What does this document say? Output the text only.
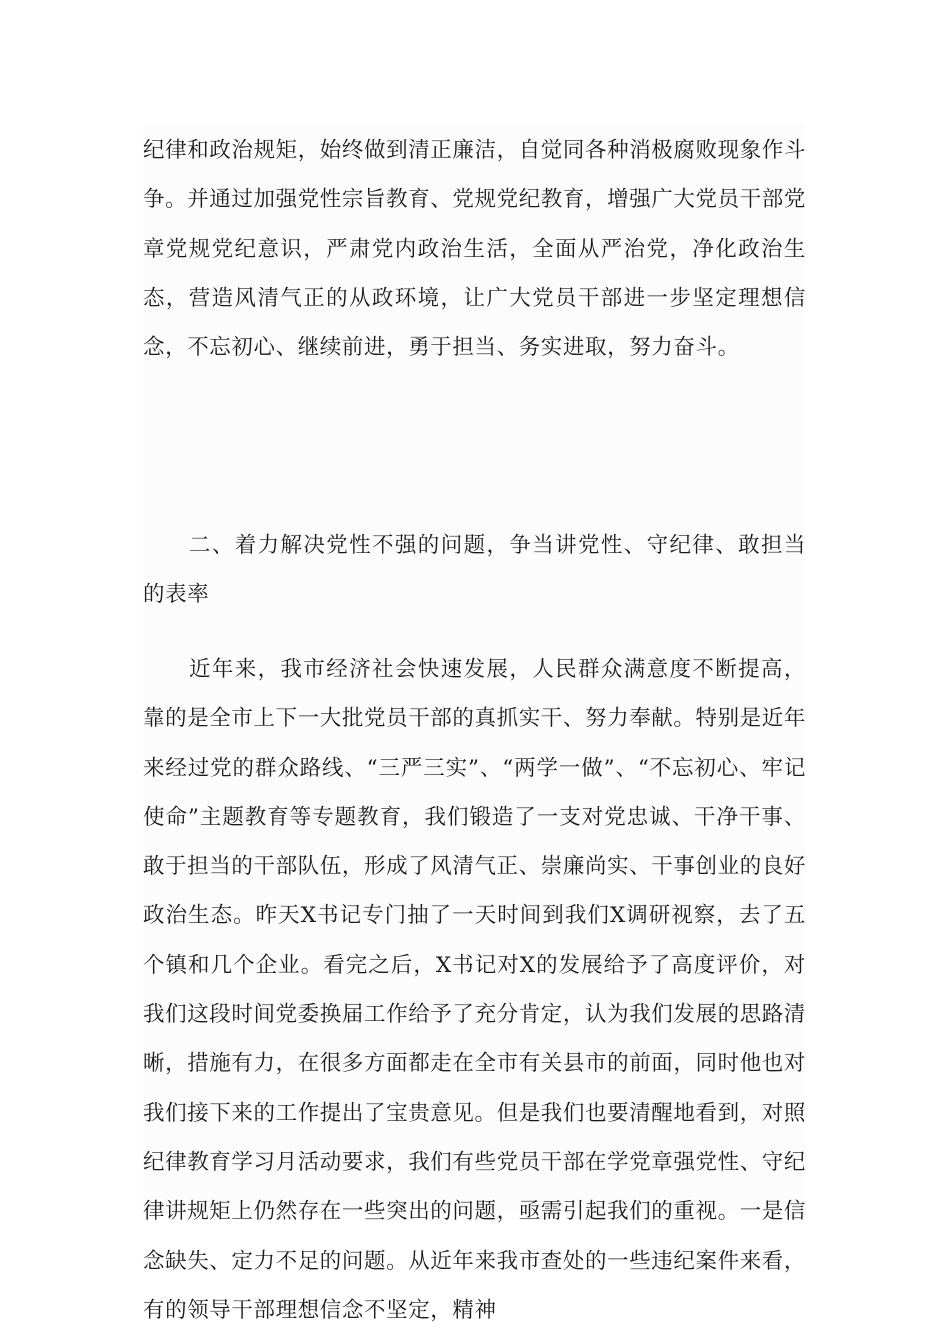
纪律和政治规矩，始终做到清正廉洁，自觉同各种消极腐败现象作斗争。并通过加强党性宗旨教育、党规党纪教育，增强广大党员干部党章党规党纪意识，严肃党内政治生活，全面从严治党，净化政治生态，营造风清气正的从政环境，让广大党员干部进一步坚定理想信念，不忘初心、继续前进，勇于担当、务实进取，努力奋斗。

二、着力解决党性不强的问题，争当讲党性、守纪律、敢担当的表率

近年来，我市经济社会快速发展，人民群众满意度不断提高，靠的是全市上下一大批党员干部的真抓实干、努力奉献。特别是近年来经过党的群众路线、“三严三实”、“两学一做”、“不忘初心、牢记使命”主题教育等专题教育，我们锻造了一支对党忠诚、干净干事、敢于担当的干部队伍，形成了风清气正、崇廉尚实、干事创业的良好政治生态。昨天X书记专门抽了一天时间到我们X调研视察，去了五个镇和几个企业。看完之后，X书记对X的发展给予了高度评价，对我们这段时间党委换届工作给予了充分肯定，认为我们发展的思路清晰，措施有力，在很多方面都走在全市有关县市的前面，同时他也对我们接下来的工作提出了宝贵意见。但是我们也要清醒地看到，对照纪律教育学习月活动要求，我们有些党员干部在学党章强党性、守纪律讲规矩上仍然存在一些突出的问题，亟需引起我们的重视。一是信念缺失、定力不足的问题。从近年来我市查处的一些违纪案件来看，有的领导干部理想信念不坚定，精神
